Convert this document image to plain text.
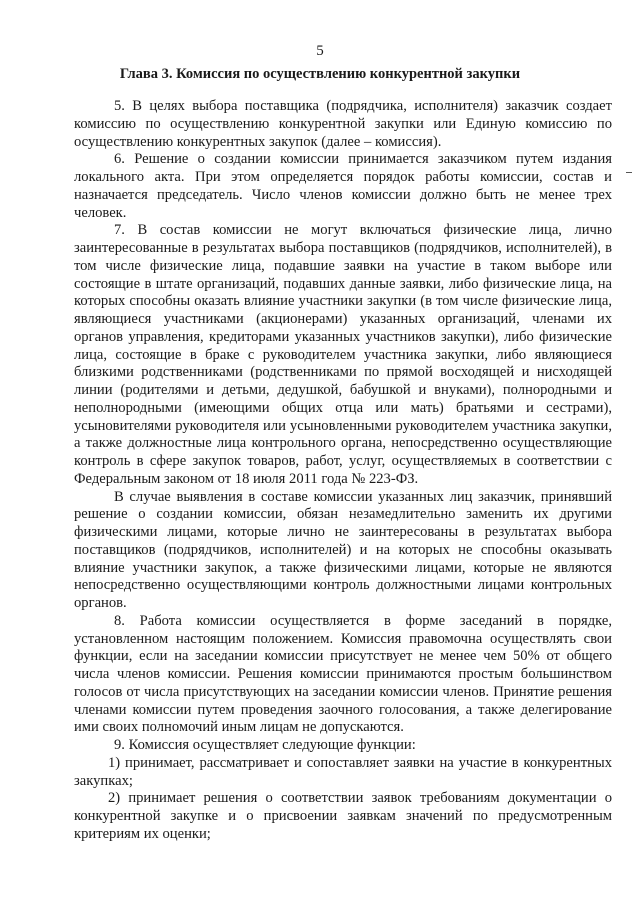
5
Глава 3. Комиссия по осуществлению конкурентной закупки

5. В целях выбора поставщика (подрядчика, исполнителя) заказчик создает комиссию по осуществлению конкурентной закупки или Единую комиссию по осуществлению конкурентных закупок (далее – комиссия).

6. Решение о создании комиссии принимается заказчиком путем издания локального акта. При этом определяется порядок работы комиссии, состав и назначается председатель. Число членов комиссии должно быть не менее трех человек.

7. В состав комиссии не могут включаться физические лица, лично заинтересованные в результатах выбора поставщиков (подрядчиков, исполнителей), в том числе физические лица, подавшие заявки на участие в таком выборе или состоящие в штате организаций, подавших данные заявки, либо физические лица, на которых способны оказать влияние участники закупки (в том числе физические лица, являющиеся участниками (акционерами) указанных организаций, членами их органов управления, кредиторами указанных участников закупки), либо физические лица, состоящие в браке с руководителем участника закупки, либо являющиеся близкими родственниками (родственниками по прямой восходящей и нисходящей линии (родителями и детьми, дедушкой, бабушкой и внуками), полнородными и неполнородными (имеющими общих отца или мать) братьями и сестрами), усыновителями руководителя или усыновленными руководителем участника закупки, а также должностные лица контрольного органа, непосредственно осуществляющие контроль в сфере закупок товаров, работ, услуг, осуществляемых в соответствии с Федеральным законом от 18 июля 2011 года № 223-ФЗ.

В случае выявления в составе комиссии указанных лиц заказчик, принявший решение о создании комиссии, обязан незамедлительно заменить их другими физическими лицами, которые лично не заинтересованы в результатах выбора поставщиков (подрядчиков, исполнителей) и на которых не способны оказывать влияние участники закупок, а также физическими лицами, которые не являются непосредственно осуществляющими контроль должностными лицами контрольных органов.

8. Работа комиссии осуществляется в форме заседаний в порядке, установленном настоящим положением. Комиссия правомочна осуществлять свои функции, если на заседании комиссии присутствует не менее чем 50% от общего числа членов комиссии. Решения комиссии принимаются простым большинством голосов от числа присутствующих на заседании комиссии членов. Принятие решения членами комиссии путем проведения заочного голосования, а также делегирование ими своих полномочий иным лицам не допускаются.

9. Комиссия осуществляет следующие функции:

1) принимает, рассматривает и сопоставляет заявки на участие в конкурентных закупках;

2) принимает решения о соответствии заявок требованиям документации о конкурентной закупке и о присвоении заявкам значений по предусмотренным критериям их оценки;
